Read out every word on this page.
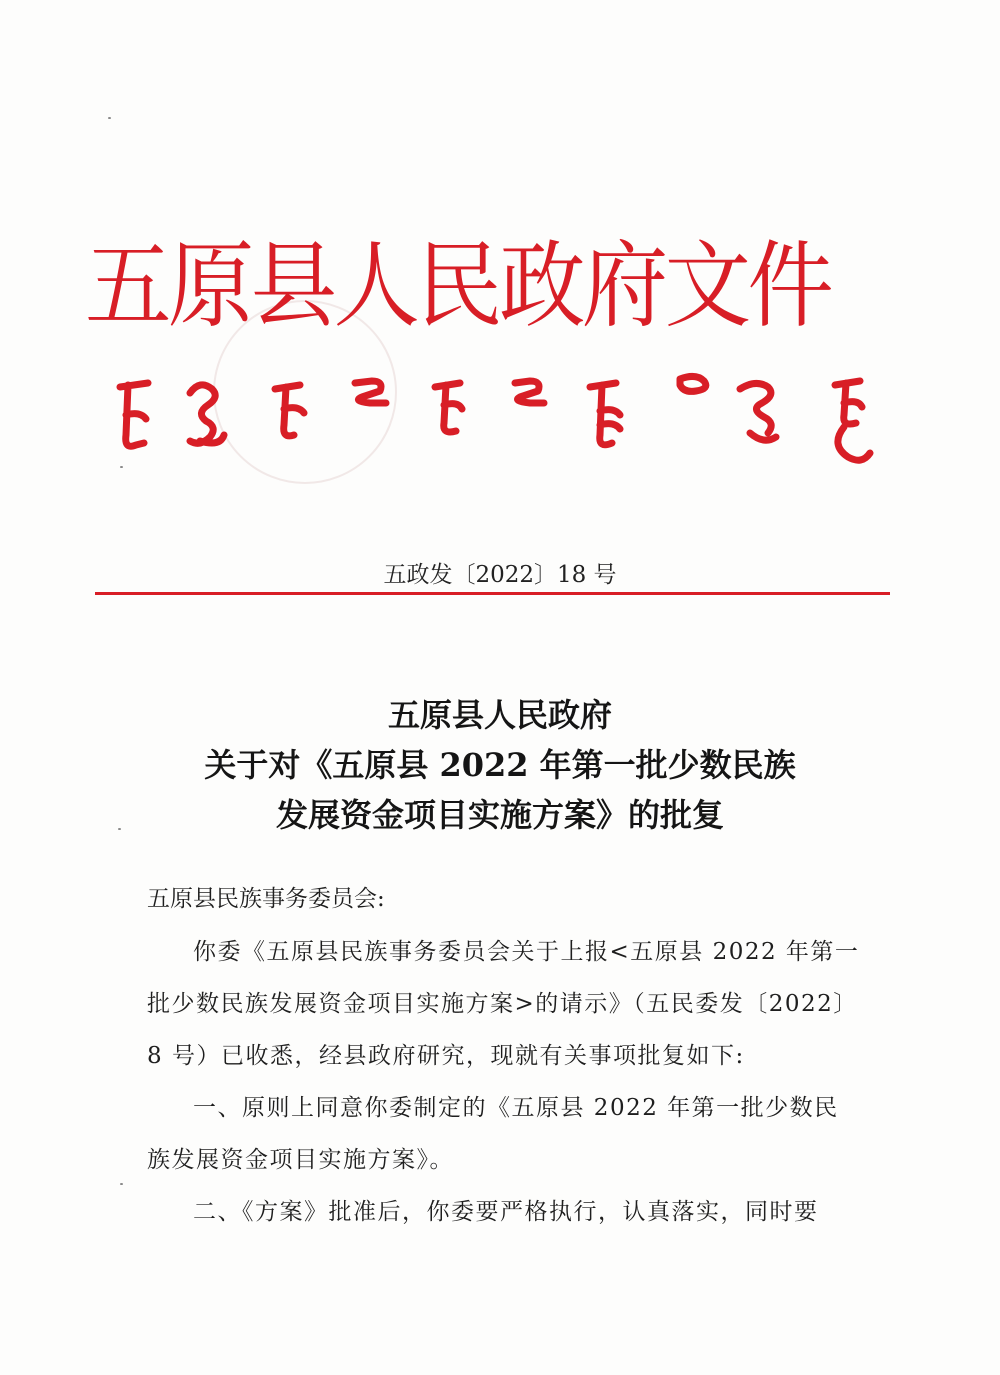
五原县人民政府文件
五政发〔2022〕18 号
五原县人民政府
关于对《五原县 2022 年第一批少数民族
发展资金项目实施方案》的批复
五原县民族事务委员会:
你委《五原县民族事务委员会关于上报<五原县 2022 年第一
批少数民族发展资金项目实施方案>的请示》（五民委发〔2022〕
8 号）已收悉，经县政府研究，现就有关事项批复如下:
一、原则上同意你委制定的《五原县 2022 年第一批少数民
族发展资金项目实施方案》。
二、《方案》批准后，你委要严格执行，认真落实，同时要
